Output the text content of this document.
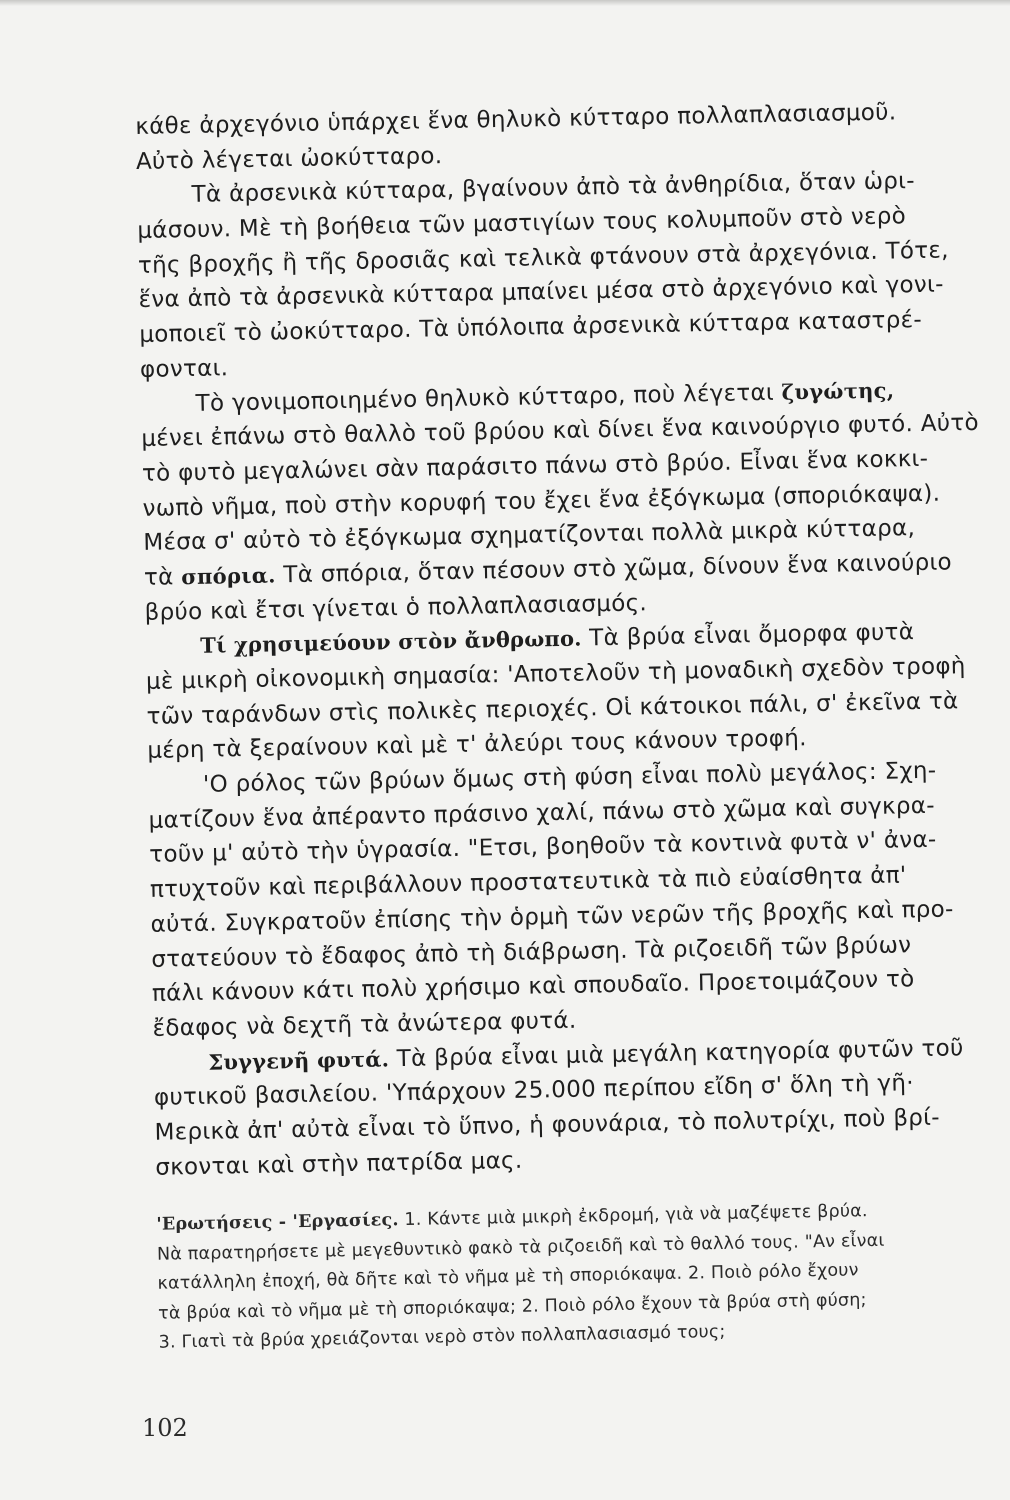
κάθε ἀρχεγόνιο ὑπάρχει ἕνα θηλυκὸ κύτταρο πολλαπλασιασμοῦ.
Αὐτὸ λέγεται ὠοκύτταρο.
Τὰ ἀρσενικὰ κύτταρα, βγαίνουν ἀπὸ τὰ ἀνθηρίδια, ὅταν ὡρι-
μάσουν. Μὲ τὴ βοήθεια τῶν μαστιγίων τους κολυμποῦν στὸ νερὸ
τῆς βροχῆς ἢ τῆς δροσιᾶς καὶ τελικὰ φτάνουν στὰ ἀρχεγόνια. Τότε,
ἕνα ἀπὸ τὰ ἀρσενικὰ κύτταρα μπαίνει μέσα στὸ ἀρχεγόνιο καὶ γονι-
μοποιεῖ τὸ ὠοκύτταρο. Τὰ ὑπόλοιπα ἀρσενικὰ κύτταρα καταστρέ-
φονται.
Τὸ γονιμοποιημένο θηλυκὸ κύτταρο, ποὺ λέγεται ζυγώτης,
μένει ἐπάνω στὸ θαλλὸ τοῦ βρύου καὶ δίνει ἕνα καινούργιο φυτό. Αὐτὸ
τὸ φυτὸ μεγαλώνει σὰν παράσιτο πάνω στὸ βρύο. Εἶναι ἕνα κοκκι-
νωπὸ νῆμα, ποὺ στὴν κορυφή του ἔχει ἕνα ἐξόγκωμα (σποριόκαψα).
Μέσα σ' αὐτὸ τὸ ἐξόγκωμα σχηματίζονται πολλὰ μικρὰ κύτταρα,
τὰ σπόρια. Τὰ σπόρια, ὅταν πέσουν στὸ χῶμα, δίνουν ἕνα καινούριο
βρύο καὶ ἔτσι γίνεται ὁ πολλαπλασιασμός.
Τί χρησιμεύουν στὸν ἄνθρωπο. Τὰ βρύα εἶναι ὄμορφα φυτὰ
μὲ μικρὴ οἰκονομικὴ σημασία: 'Αποτελοῦν τὴ μοναδικὴ σχεδὸν τροφὴ
τῶν ταράνδων στὶς πολικὲς περιοχές. Οἱ κάτοικοι πάλι, σ' ἐκεῖνα τὰ
μέρη τὰ ξεραίνουν καὶ μὲ τ' ἀλεύρι τους κάνουν τροφή.
'Ο ρόλος τῶν βρύων ὅμως στὴ φύση εἶναι πολὺ μεγάλος: Σχη-
ματίζουν ἕνα ἀπέραντο πράσινο χαλί, πάνω στὸ χῶμα καὶ συγκρα-
τοῦν μ' αὐτὸ τὴν ὑγρασία. "Ετσι, βοηθοῦν τὰ κοντινὰ φυτὰ ν' ἀνα-
πτυχτοῦν καὶ περιβάλλουν προστατευτικὰ τὰ πιὸ εὐαίσθητα ἀπ'
αὐτά. Συγκρατοῦν ἐπίσης τὴν ὁρμὴ τῶν νερῶν τῆς βροχῆς καὶ προ-
στατεύουν τὸ ἔδαφος ἀπὸ τὴ διάβρωση. Τὰ ριζοειδῆ τῶν βρύων
πάλι κάνουν κάτι πολὺ χρήσιμο καὶ σπουδαῖο. Προετοιμάζουν τὸ
ἔδαφος νὰ δεχτῆ τὰ ἀνώτερα φυτά.
Συγγενῆ φυτά. Τὰ βρύα εἶναι μιὰ μεγάλη κατηγορία φυτῶν τοῦ
φυτικοῦ βασιλείου. 'Υπάρχουν 25.000 περίπου εἴδη σ' ὅλη τὴ γῆ·
Μερικὰ ἀπ' αὐτὰ εἶναι τὸ ὕπνο, ἡ φουνάρια, τὸ πολυτρίχι, ποὺ βρί-
σκονται καὶ στὴν πατρίδα μας.
'Ερωτήσεις - 'Εργασίες. 1. Κάντε μιὰ μικρὴ ἐκδρομή, γιὰ νὰ μαζέψετε βρύα.
Νὰ παρατηρήσετε μὲ μεγεθυντικὸ φακὸ τὰ ριζοειδῆ καὶ τὸ θαλλό τους. "Αν εἶναι
κατάλληλη ἐποχή, θὰ δῆτε καὶ τὸ νῆμα μὲ τὴ σποριόκαψα. 2. Ποιὸ ρόλο ἔχουν
τὰ βρύα καὶ τὸ νῆμα μὲ τὴ σποριόκαψα; 2. Ποιὸ ρόλο ἔχουν τὰ βρύα στὴ φύση;
3. Γιατὶ τὰ βρύα χρειάζονται νερὸ στὸν πολλαπλασιασμό τους;
102
